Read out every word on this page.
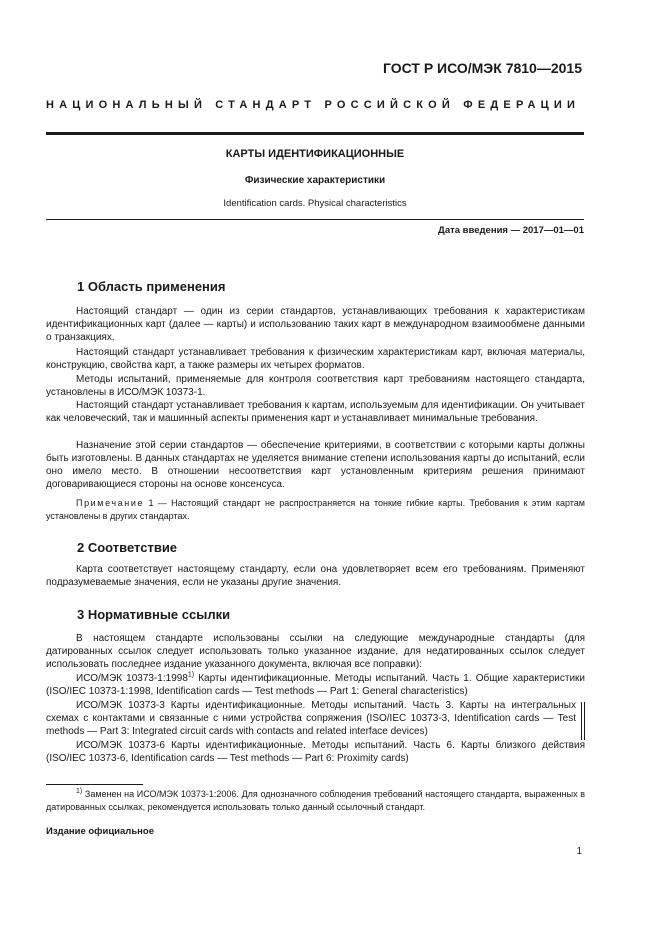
ГОСТ Р ИСО/МЭК 7810—2015
НАЦИОНАЛЬНЫЙ СТАНДАРТ РОССИЙСКОЙ ФЕДЕРАЦИИ
КАРТЫ ИДЕНТИФИКАЦИОННЫЕ
Физические характеристики
Identification cards. Physical characteristics
Дата введения — 2017—01—01
1 Область применения
Настоящий стандарт — один из серии стандартов, устанавливающих требования к характеристикам идентификационных карт (далее — карты) и использованию таких карт в международном взаимообмене данными о транзакциях.
Настоящий стандарт устанавливает требования к физическим характеристикам карт, включая материалы, конструкцию, свойства карт, а также размеры их четырех форматов.
Методы испытаний, применяемые для контроля соответствия карт требованиям настоящего стандарта, установлены в ИСО/МЭК 10373-1.
Настоящий стандарт устанавливает требования к картам, используемым для идентификации. Он учитывает как человеческий, так и машинный аспекты применения карт и устанавливает минимальные требования.
Назначение этой серии стандартов — обеспечение критериями, в соответствии с которыми карты должны быть изготовлены. В данных стандартах не уделяется внимание степени использования карты до испытаний, если оно имело место. В отношении несоответствия карт установленным критериям решения принимают договаривающиеся стороны на основе консенсуса.
Примечание 1 — Настоящий стандарт не распространяется на тонкие гибкие карты. Требования к этим картам установлены в других стандартах.
2 Соответствие
Карта соответствует настоящему стандарту, если она удовлетворяет всем его требованиям. Применяют подразумеваемые значения, если не указаны другие значения.
3 Нормативные ссылки
В настоящем стандарте использованы ссылки на следующие международные стандарты (для датированных ссылок следует использовать только указанное издание, для недатированных ссылок следует использовать последнее издание указанного документа, включая все поправки):
ИСО/МЭК 10373-1:1998$^{1)}$ Карты идентификационные. Методы испытаний. Часть 1. Общие характеристики (ISO/IEC 10373-1:1998, Identification cards — Test methods — Part 1: General characteristics)
ИСО/МЭК 10373-3 Карты идентификационные. Методы испытаний. Часть 3. Карты на интегральных схемах с контактами и связанные с ними устройства сопряжения (ISO/IEC 10373-3, Identification cards — Test methods — Part 3: Integrated circuit cards with contacts and related interface devices)
ИСО/МЭК 10373-6 Карты идентификационные. Методы испытаний. Часть 6. Карты близкого действия (ISO/IEC 10373-6, Identification cards — Test methods — Part 6: Proximity cards)
$^{1)}$ Заменен на ИСО/МЭК 10373-1:2006. Для однозначного соблюдения требований настоящего стандарта, выраженных в датированных ссылках, рекомендуется использовать только данный ссылочный стандарт.
Издание официальное
1
